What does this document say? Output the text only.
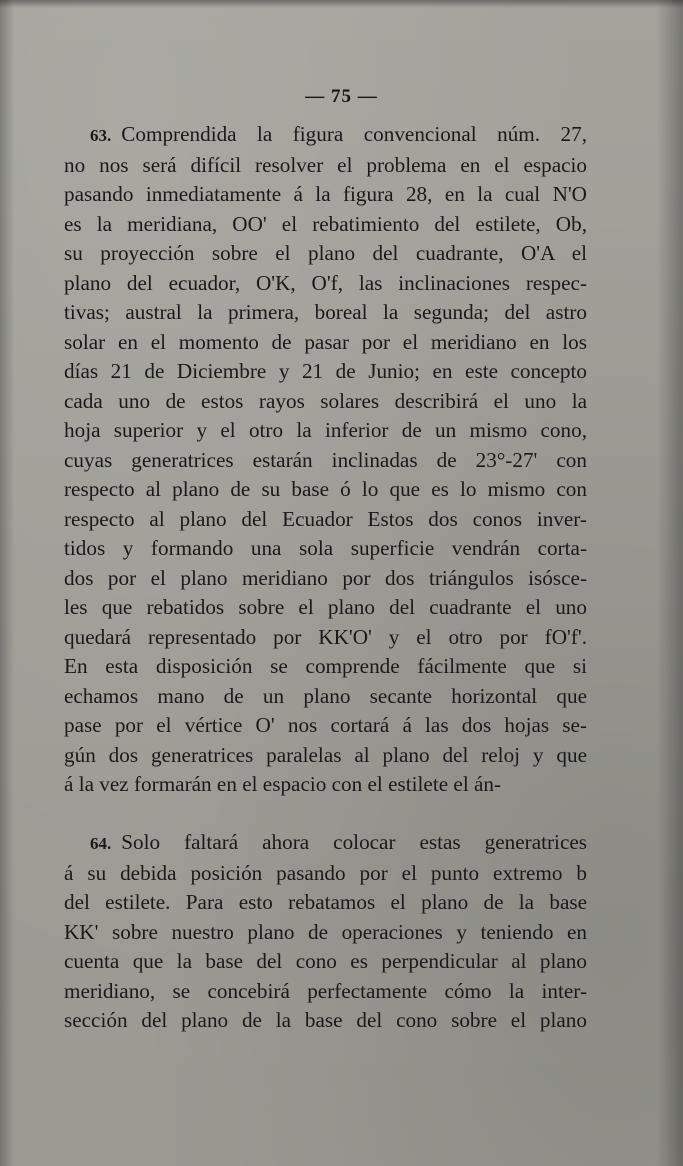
— 75 —
63. Comprendida la figura convencional núm. 27,
no nos será difícil resolver el problema en el espacio
pasando inmediatamente á la figura 28, en la cual N'O
es la meridiana, OO' el rebatimiento del estilete, Ob,
su proyección sobre el plano del cuadrante, O'A el
plano del ecuador, O'K, O'f, las inclinaciones respec-
tivas; austral la primera, boreal la segunda; del astro
solar en el momento de pasar por el meridiano en los
días 21 de Diciembre y 21 de Junio; en este concepto
cada uno de estos rayos solares describirá el uno la
hoja superior y el otro la inferior de un mismo cono,
cuyas generatrices estarán inclinadas de 23°-27' con
respecto al plano de su base ó lo que es lo mismo con
respecto al plano del Ecuador Estos dos conos inver-
tidos y formando una sola superficie vendrán corta-
dos por el plano meridiano por dos triángulos isósce-
les que rebatidos sobre el plano del cuadrante el uno
quedará representado por KK'O' y el otro por fO'f'.
En esta disposición se comprende fácilmente que si
echamos mano de un plano secante horizontal que
pase por el vértice O' nos cortará á las dos hojas se-
gún dos generatrices paralelas al plano del reloj y que
á la vez formarán en el espacio con el estilete el án-
64. Solo faltará ahora colocar estas generatrices
á su debida posición pasando por el punto extremo b
del estilete. Para esto rebatamos el plano de la base
KK' sobre nuestro plano de operaciones y teniendo en
cuenta que la base del cono es perpendicular al plano
meridiano, se concebirá perfectamente cómo la inter-
sección del plano de la base del cono sobre el plano
